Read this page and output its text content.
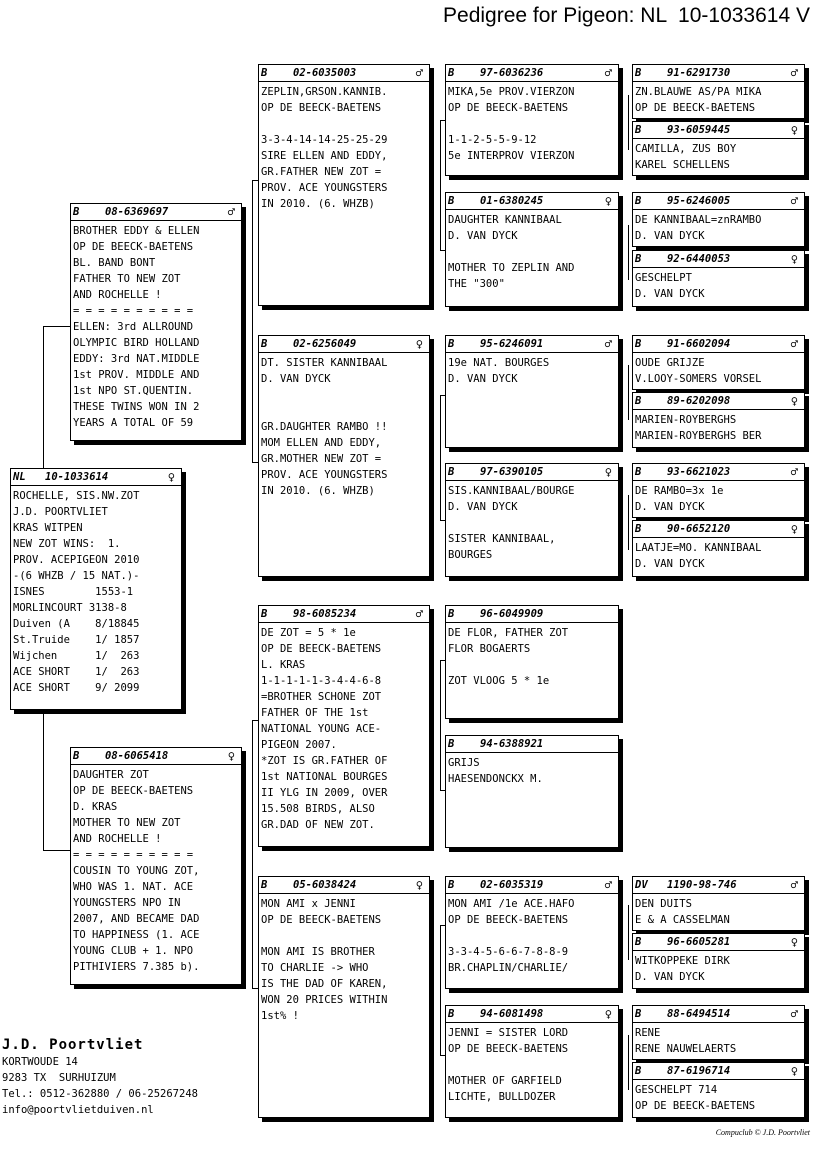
Pedigree for Pigeon: NL  10-1033614 V
NL 10-1033614	♀
ROCHELLE, SIS.NW.ZOT
J.D. POORTVLIET
KRAS WITPEN
NEW ZOT WINS:  1.
PROV. ACEPIGEON 2010
-(6 WHZB / 15 NAT.)-
ISNES        1553-1
MORLINCOURT 3138-8
Duiven (A    8/18845
St.Truide    1/ 1857
Wijchen      1/  263
ACE SHORT    1/  263
ACE SHORT    9/ 2099
B 08-6369697	♂
BROTHER EDDY & ELLEN
OP DE BEECK-BAETENS
BL. BAND BONT
FATHER TO NEW ZOT
AND ROCHELLE !
= = = = = = = = = =
ELLEN: 3rd ALLROUND
OLYMPIC BIRD HOLLAND
EDDY: 3rd NAT.MIDDLE
1st PROV. MIDDLE AND
1st NPO ST.QUENTIN.
THESE TWINS WON IN 2
YEARS A TOTAL OF 59
B 08-6065418	♀
DAUGHTER ZOT
OP DE BEECK-BAETENS
D. KRAS
MOTHER TO NEW ZOT
AND ROCHELLE !
= = = = = = = = = =
COUSIN TO YOUNG ZOT,
WHO WAS 1. NAT. ACE
YOUNGSTERS NPO IN
2007, AND BECAME DAD
TO HAPPINESS (1. ACE
YOUNG CLUB + 1. NPO
PITHIVIERS 7.385 b).
B 02-6035003	♂
ZEPLIN,GRSON.KANNIB.
OP DE BEECK-BAETENS

3-3-4-14-14-25-25-29
SIRE ELLEN AND EDDY,
GR.FATHER NEW ZOT =
PROV. ACE YOUNGSTERS
IN 2010. (6. WHZB)
B 02-6256049	♀
DT. SISTER KANNIBAAL
D. VAN DYCK

GR.DAUGHTER RAMBO !!
MOM ELLEN AND EDDY,
GR.MOTHER NEW ZOT =
PROV. ACE YOUNGSTERS
IN 2010. (6. WHZB)
B 98-6085234	♂
DE ZOT = 5 * 1e
OP DE BEECK-BAETENS
L. KRAS
1-1-1-1-1-3-4-4-6-8
=BROTHER SCHONE ZOT
FATHER OF THE 1st
NATIONAL YOUNG ACE-
PIGEON 2007.
*ZOT IS GR.FATHER OF
1st NATIONAL BOURGES
II YLG IN 2009, OVER
15.508 BIRDS, ALSO
GR.DAD OF NEW ZOT.
B 05-6038424	♀
MON AMI x JENNI
OP DE BEECK-BAETENS

MON AMI IS BROTHER
TO CHARLIE -> WHO
IS THE DAD OF KAREN,
WON 20 PRICES WITHIN
1st% !
B 97-6036236	♂
MIKA,5e PROV.VIERZON
OP DE BEECK-BAETENS

1-1-2-5-5-9-12
5e INTERPROV VIERZON
B 01-6380245	♀
DAUGHTER KANNIBAAL
D. VAN DYCK

MOTHER TO ZEPLIN AND
THE "300"
B 95-6246091	♂
19e NAT. BOURGES
D. VAN DYCK
B 97-6390105	♀
SIS.KANNIBAAL/BOURGE
D. VAN DYCK

SISTER KANNIBAAL,
BOURGES
B 96-6049909
DE FLOR, FATHER ZOT
FLOR BOGAERTS

ZOT VLOOG 5 * 1e
B 94-6388921
GRIJS
HAESENDONCKX M.
B 02-6035319	♂
MON AMI /1e ACE.HAFO
OP DE BEECK-BAETENS

3-3-4-5-6-6-7-8-8-9
BR.CHAPLIN/CHARLIE/
B 94-6081498	♀
JENNI = SISTER LORD
OP DE BEECK-BAETENS

MOTHER OF GARFIELD
LICHTE, BULLDOZER
B 91-6291730	♂
ZN.BLAUWE AS/PA MIKA
OP DE BEECK-BAETENS
B 93-6059445	♀
CAMILLA, ZUS BOY
KAREL SCHELLENS
B 95-6246005	♂
DE KANNIBAAL=znRAMBO
D. VAN DYCK
B 92-6440053	♀
GESCHELPT
D. VAN DYCK
B 91-6602094	♂
OUDE GRIJZE
V.LOOY-SOMERS VORSEL
B 89-6202098	♀
MARIEN-ROYBERGHS
MARIEN-ROYBERGHS BER
B 93-6621023	♂
DE RAMBO=3x 1e
D. VAN DYCK
B 90-6652120	♀
LAATJE=MO. KANNIBAAL
D. VAN DYCK
DV 1190-98-746	♂
DEN DUITS
E & A CASSELMAN
B 96-6605281	♀
WITKOPPEKE DIRK
D. VAN DYCK
B 88-6494514	♂
RENE
RENE NAUWELAERTS
B 87-6196714	♀
GESCHELPT 714
OP DE BEECK-BAETENS
J.D. Poortvliet
KORTWOUDE 14
9283 TX  SURHUIZUM
Tel.: 0512-362880 / 06-25267248
info@poortvlietduiven.nl
Compuclub © J.D. Poortvliet
